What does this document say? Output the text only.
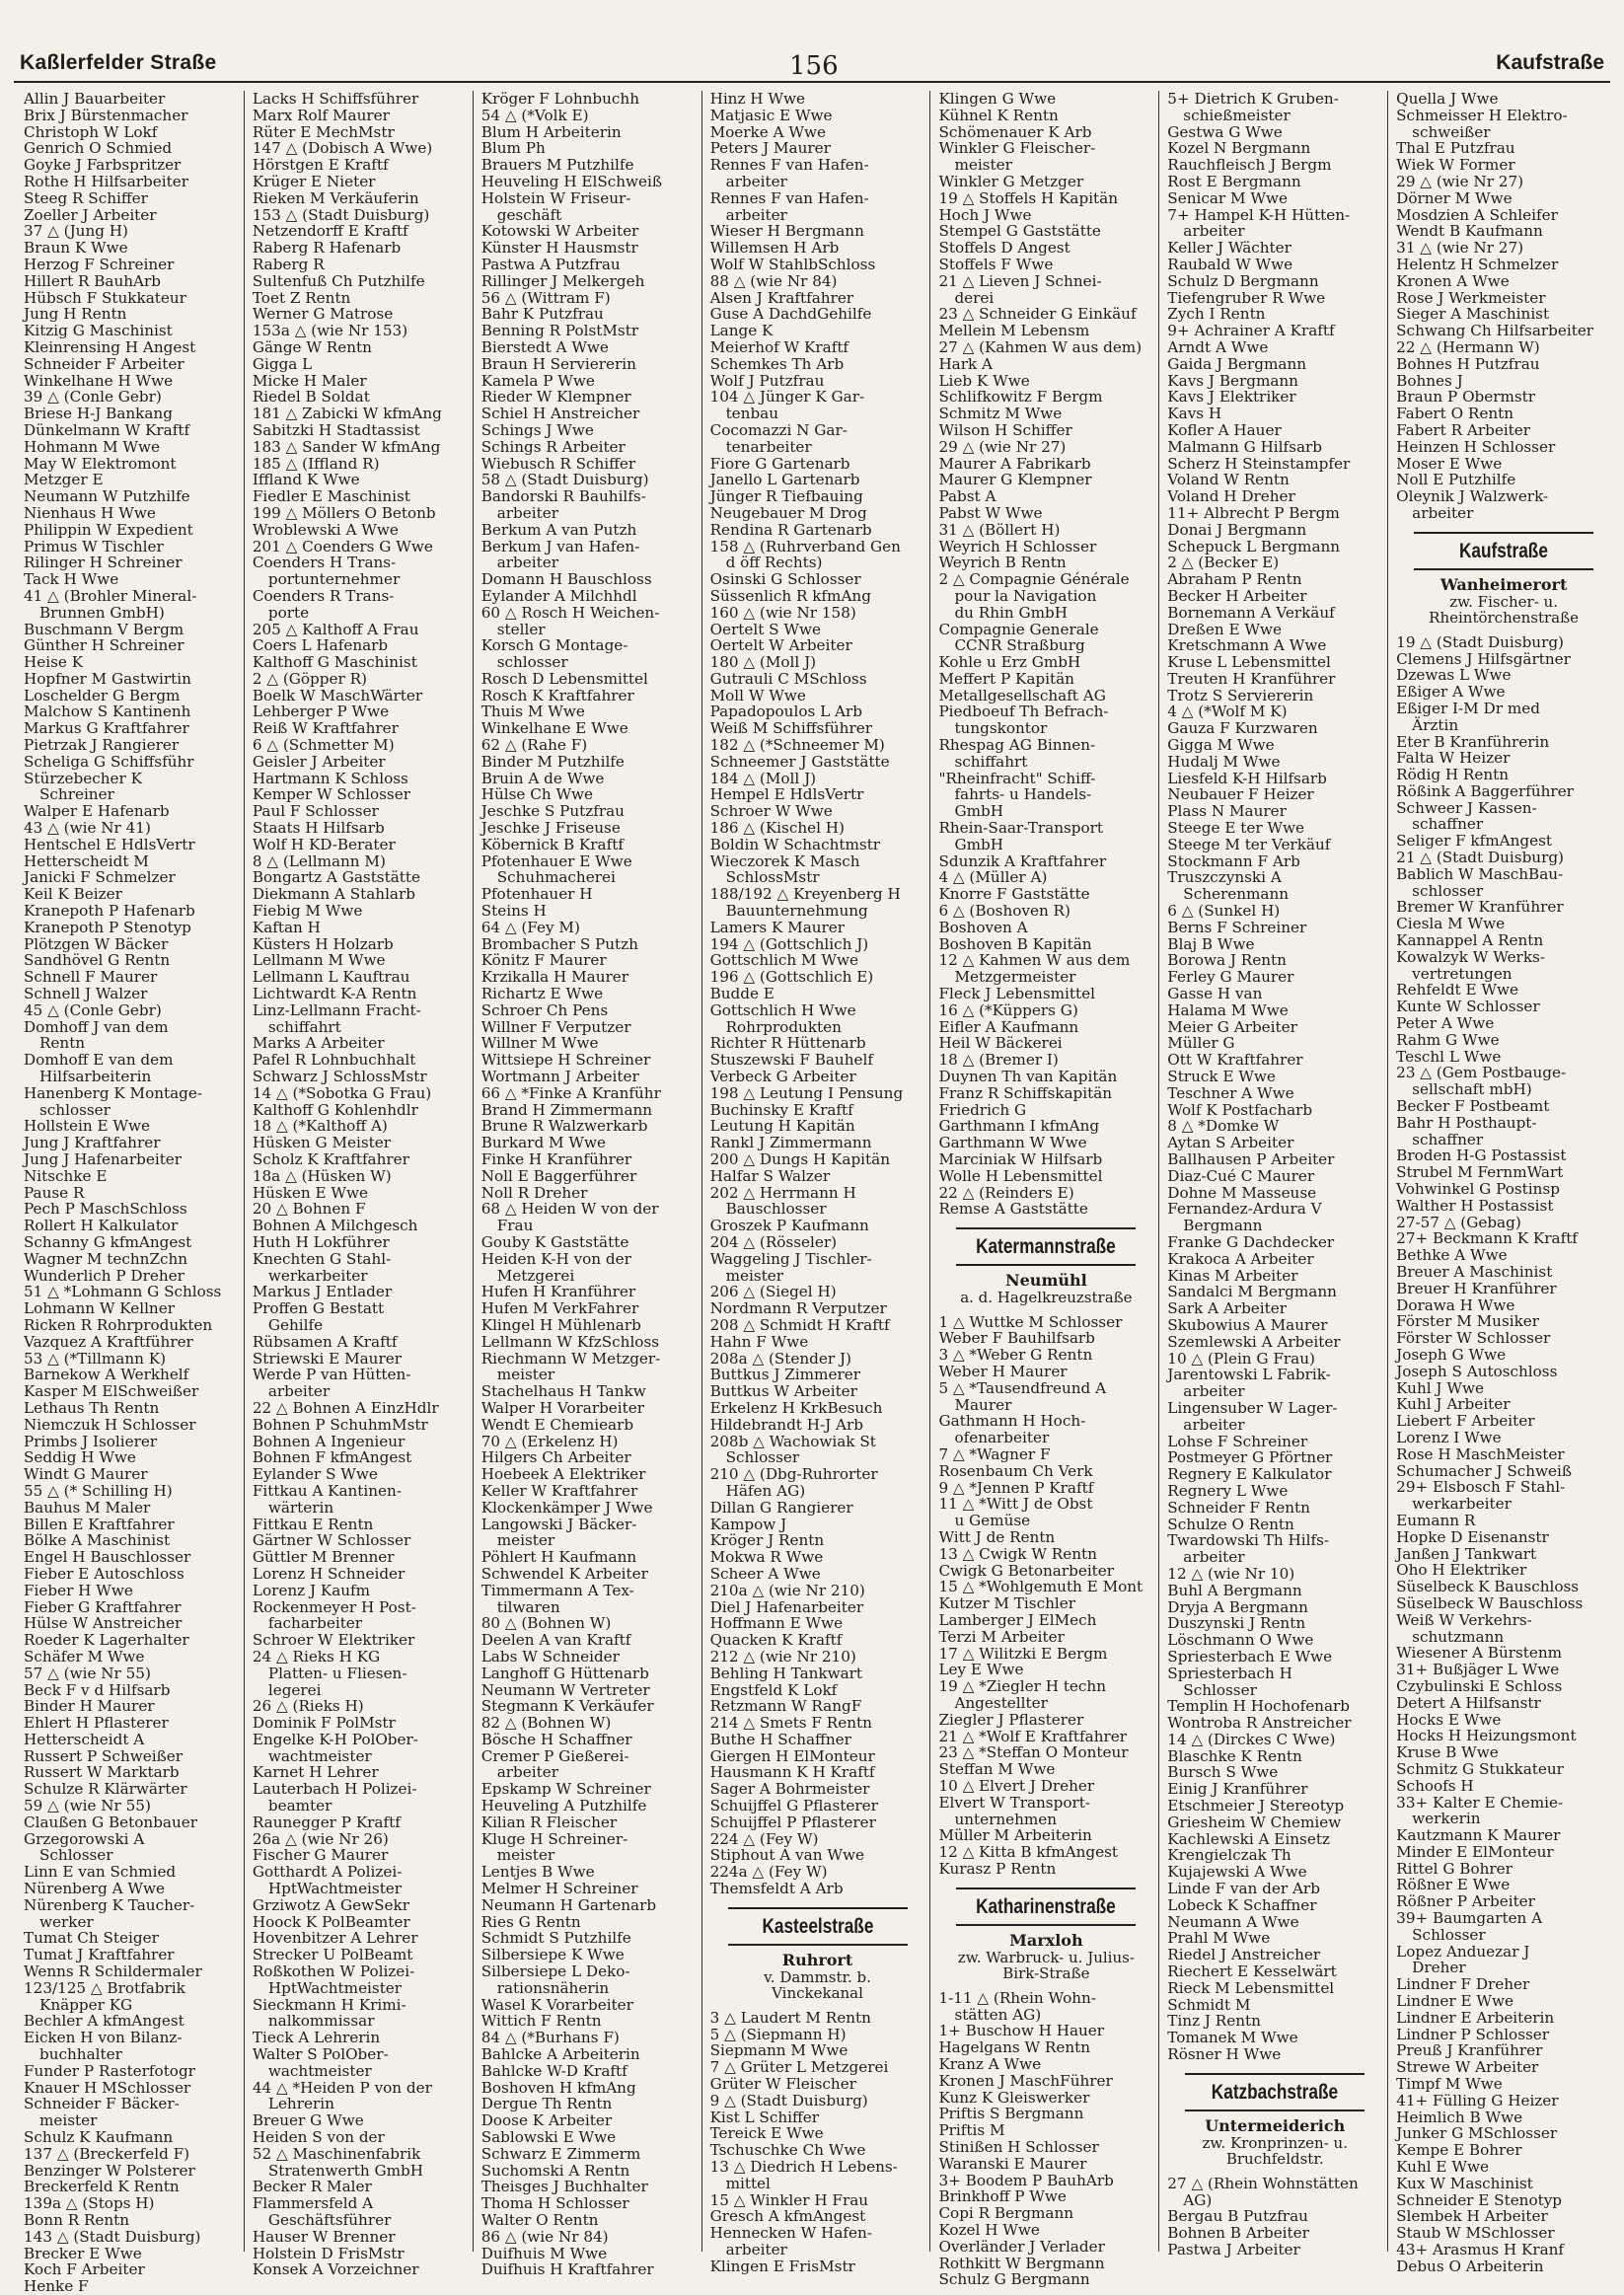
Kaßlerfelder Straße	156	Kaufstraße
Allin J Bauarbeiter
Brix J Bürstenmacher
Christoph W Lokf
Genrich O Schmied
Goyke J Farbspritzer
Rothe H Hilfsarbeiter
Steeg R Schiffer
Zoeller J Arbeiter
37 △ (Jung H)
Braun K Wwe
Herzog F Schreiner
Hillert R BauhArb
Hübsch F Stukkateur
Jung H Rentn
Kitzig G Maschinist
Kleinrensing H Angest
Schneider F Arbeiter
Winkelhane H Wwe
39 △ (Conle Gebr)
Briese H-J Bankang
Dünkelmann W Kraftf
Hohmann M Wwe
May W Elektromont
Metzger E
Neumann W Putzhilfe
Nienhaus H Wwe
Philippin W Expedient
Primus W Tischler
Rilinger H Schreiner
Tack H Wwe
41 △ (Brohler Mineral-
Brunnen GmbH)
Buschmann V Bergm
Günther H Schreiner
Heise K
Hopfner M Gastwirtin
Loschelder G Bergm
Malchow S Kantinenh
Markus G Kraftfahrer
Pietrzak J Rangierer
Scheliga G Schiffsführ
Stürzebecher K
Schreiner
Walper E Hafenarb
43 △ (wie Nr 41)
Hentschel E HdlsVertr
Hetterscheidt M
Janicki F Schmelzer
Keil K Beizer
Kranepoth P Hafenarb
Kranepoth P Stenotyp
Plötzgen W Bäcker
Sandhövel G Rentn
Schnell F Maurer
Schnell J Walzer
45 △ (Conle Gebr)
Domhoff J van dem
Rentn
Domhoff E van dem
Hilfsarbeiterin
Hanenberg K Montage-
schlosser
Hollstein E Wwe
Jung J Kraftfahrer
Jung J Hafenarbeiter
Nitschke E
Pause R
Pech P MaschSchloss
Rollert H Kalkulator
Schanny G kfmAngest
Wagner M technZchn
Wunderlich P Dreher
51 △ *Lohmann G Schloss
Lohmann W Kellner
Ricken R Rohrprodukten
Vazquez A Kraftführer
53 △ (*Tillmann K)
Barnekow A Werkhelf
Kasper M ElSchweißer
Lethaus Th Rentn
Niemczuk H Schlosser
Primbs J Isolierer
Seddig H Wwe
Windt G Maurer
55 △ (* Schilling H)
Bauhus M Maler
Billen E Kraftfahrer
Bölke A Maschinist
Engel H Bauschlosser
Fieber E Autoschloss
Fieber H Wwe
Fieber G Kraftfahrer
Hülse W Anstreicher
Roeder K Lagerhalter
Schäfer M Wwe
57 △ (wie Nr 55)
Beck F v d Hilfsarb
Binder H Maurer
Ehlert H Pflasterer
Hetterscheidt A
Russert P Schweißer
Russert W Marktarb
Schulze R Klärwärter
59 △ (wie Nr 55)
Claußen G Betonbauer
Grzegorowski A
Schlosser
Linn E van Schmied
Nürenberg A Wwe
Nürenberg K Taucher-
werker
Tumat Ch Steiger
Tumat J Kraftfahrer
Wenns R Schildermaler
123/125 △ Brotfabrik
Knäpper KG
Bechler A kfmAngest
Eicken H von Bilanz-
buchhalter
Funder P Rasterfotogr
Knauer H MSchlosser
Schneider F Bäcker-
meister
Schulz K Kaufmann
137 △ (Breckerfeld F)
Benzinger W Polsterer
Breckerfeld K Rentn
139a △ (Stops H)
Bonn R Rentn
143 △ (Stadt Duisburg)
Brecker E Wwe
Koch F Arbeiter
Henke F
Lacks H Schiffsführer
Marx Rolf Maurer
Rüter E MechMstr
147 △ (Dobisch A Wwe)
Hörstgen E Kraftf
Krüger E Nieter
Rieken M Verkäuferin
153 △ (Stadt Duisburg)
Netzendorff E Kraftf
Raberg R Hafenarb
Raberg R
Sultenfuß Ch Putzhilfe
Toet Z Rentn
Werner G Matrose
153a △ (wie Nr 153)
Gänge W Rentn
Gigga L
Micke H Maler
Riedel B Soldat
181 △ Zabicki W kfmAng
Sabitzki H Stadtassist
183 △ Sander W kfmAng
185 △ (Iffland R)
Iffland K Wwe
Fiedler E Maschinist
199 △ Möllers O Betonb
Wroblewski A Wwe
201 △ Coenders G Wwe
Coenders H Trans-
portunternehmer
Coenders R Trans-
porte
205 △ Kalthoff A Frau
Coers L Hafenarb
Kalthoff G Maschinist
2 △ (Göpper R)
Boelk W MaschWärter
Lehberger P Wwe
Reiß W Kraftfahrer
6 △ (Schmetter M)
Geisler J Arbeiter
Hartmann K Schloss
Kemper W Schlosser
Paul F Schlosser
Staats H Hilfsarb
Wolf H KD-Berater
8 △ (Lellmann M)
Bongartz A Gaststätte
Diekmann A Stahlarb
Fiebig M Wwe
Kaftan H
Küsters H Holzarb
Lellmann M Wwe
Lellmann L Kauftrau
Lichtwardt K-A Rentn
Linz-Lellmann Fracht-
schiffahrt
Marks A Arbeiter
Pafel R Lohnbuchhalt
Schwarz J SchlossMstr
14 △ (*Sobotka G Frau)
Kalthoff G Kohlenhdlr
18 △ (*Kalthoff A)
Hüsken G Meister
Scholz K Kraftfahrer
18a △ (Hüsken W)
Hüsken E Wwe
20 △ Bohnen F
Bohnen A Milchgesch
Huth H Lokführer
Knechten G Stahl-
werkarbeiter
Markus J Entlader
Proffen G Bestatt
Gehilfe
Rübsamen A Kraftf
Striewski E Maurer
Werde P van Hütten-
arbeiter
22 △ Bohnen A EinzHdlr
Bohnen P SchuhmMstr
Bohnen A Ingenieur
Bohnen F kfmAngest
Eylander S Wwe
Fittkau A Kantinen-
wärterin
Fittkau E Rentn
Gärtner W Schlosser
Güttler M Brenner
Lorenz H Schneider
Lorenz J Kaufm
Rockenmeyer H Post-
facharbeiter
Schroer W Elektriker
24 △ Rieks H KG
Platten- u Fliesen-
legerei
26 △ (Rieks H)
Dominik F PolMstr
Engelke K-H PolOber-
wachtmeister
Karnet H Lehrer
Lauterbach H Polizei-
beamter
Raunegger P Kraftf
26a △ (wie Nr 26)
Fischer G Maurer
Gotthardt A Polizei-
HptWachtmeister
Grziwotz A GewSekr
Hoock K PolBeamter
Hovenbitzer A Lehrer
Strecker U PolBeamt
Roßkothen W Polizei-
HptWachtmeister
Sieckmann H Krimi-
nalkommissar
Tieck A Lehrerin
Walter S PolOber-
wachtmeister
44 △ *Heiden P von der
Lehrerin
Breuer G Wwe
Heiden S von der
52 △ Maschinenfabrik
Stratenwerth GmbH
Becker R Maler
Flammersfeld A
Geschäftsführer
Hauser W Brenner
Holstein D FrisMstr
Konsek A Vorzeichner
Kröger F Lohnbuchh
54 △ (*Volk E)
Blum H Arbeiterin
Blum Ph
Brauers M Putzhilfe
Heuveling H ElSchweiß
Holstein W Friseur-
geschäft
Kotowski W Arbeiter
Künster H Hausmstr
Pastwa A Putzfrau
Rillinger J Melkergeh
56 △ (Wittram F)
Bahr K Putzfrau
Benning R PolstMstr
Bierstedt A Wwe
Braun H Serviererin
Kamela P Wwe
Rieder W Klempner
Schiel H Anstreicher
Schings J Wwe
Schings R Arbeiter
Wiebusch R Schiffer
58 △ (Stadt Duisburg)
Bandorski R Bauhilfs-
arbeiter
Berkum A van Putzh
Berkum J van Hafen-
arbeiter
Domann H Bauschloss
Eylander A Milchhdl
60 △ Rosch H Weichen-
steller
Korsch G Montage-
schlosser
Rosch D Lebensmittel
Rosch K Kraftfahrer
Thuis M Wwe
Winkelhane E Wwe
62 △ (Rahe F)
Binder M Putzhilfe
Bruin A de Wwe
Hülse Ch Wwe
Jeschke S Putzfrau
Jeschke J Friseuse
Köbernick B Kraftf
Pfotenhauer E Wwe
Schuhmacherei
Pfotenhauer H
Steins H
64 △ (Fey M)
Brombacher S Putzh
Könitz F Maurer
Krzikalla H Maurer
Richartz E Wwe
Schroer Ch Pens
Willner F Verputzer
Willner M Wwe
Wittsiepe H Schreiner
Wortmann J Arbeiter
66 △ *Finke A Kranführ
Brand H Zimmermann
Brune R Walzwerkarb
Burkard M Wwe
Finke H Kranführer
Noll E Baggerführer
Noll R Dreher
68 △ Heiden W von der
Frau
Gouby K Gaststätte
Heiden K-H von der
Metzgerei
Hufen H Kranführer
Hufen M VerkFahrer
Klingel H Mühlenarb
Lellmann W KfzSchloss
Riechmann W Metzger-
meister
Stachelhaus H Tankw
Walper H Vorarbeiter
Wendt E Chemiearb
70 △ (Erkelenz H)
Hilgers Ch Arbeiter
Hoebeek A Elektriker
Keller W Kraftfahrer
Klockenkämper J Wwe
Langowski J Bäcker-
meister
Pöhlert H Kaufmann
Schwendel K Arbeiter
Timmermann A Tex-
tilwaren
80 △ (Bohnen W)
Deelen A van Kraftf
Labs W Schneider
Langhoff G Hüttenarb
Neumann W Vertreter
Stegmann K Verkäufer
82 △ (Bohnen W)
Bösche H Schaffner
Cremer P Gießerei-
arbeiter
Epskamp W Schreiner
Heuveling A Putzhilfe
Kilian R Fleischer
Kluge H Schreiner-
meister
Lentjes B Wwe
Melmer H Schreiner
Neumann H Gartenarb
Ries G Rentn
Schmidt S Putzhilfe
Silbersiepe K Wwe
Silbersiepe L Deko-
rationsnäherin
Wasel K Vorarbeiter
Wittich F Rentn
84 △ (*Burhans F)
Bahlcke A Arbeiterin
Bahlcke W-D Kraftf
Boshoven H kfmAng
Dergue Th Rentn
Doose K Arbeiter
Sablowski E Wwe
Schwarz E Zimmerm
Suchomski A Rentn
Theisges J Buchhalter
Thoma H Schlosser
Walter O Rentn
86 △ (wie Nr 84)
Duifhuis M Wwe
Duifhuis H Kraftfahrer
Hinz H Wwe
Matjasic E Wwe
Moerke A Wwe
Peters J Maurer
Rennes F van Hafen-
arbeiter
Rennes F van Hafen-
arbeiter
Wieser H Bergmann
Willemsen H Arb
Wolf W StahlbSchloss
88 △ (wie Nr 84)
Alsen J Kraftfahrer
Guse A DachdGehilfe
Lange K
Meierhof W Kraftf
Schemkes Th Arb
Wolf J Putzfrau
104 △ Jünger K Gar-
tenbau
Cocomazzi N Gar-
tenarbeiter
Fiore G Gartenarb
Janello L Gartenarb
Jünger R Tiefbauing
Neugebauer M Drog
Rendina R Gartenarb
158 △ (Ruhrverband Gen
d öff Rechts)
Osinski G Schlosser
Süssenlich R kfmAng
160 △ (wie Nr 158)
Oertelt S Wwe
Oertelt W Arbeiter
180 △ (Moll J)
Gutrauli C MSchloss
Moll W Wwe
Papadopoulos L Arb
Weiß M Schiffsführer
182 △ (*Schneemer M)
Schneemer J Gaststätte
184 △ (Moll J)
Hempel E HdlsVertr
Schroer W Wwe
186 △ (Kischel H)
Boldin W Schachtmstr
Wieczorek K Masch
SchlossMstr
188/192 △ Kreyenberg H
Bauunternehmung
Lamers K Maurer
194 △ (Gottschlich J)
Gottschlich M Wwe
196 △ (Gottschlich E)
Budde E
Gottschlich H Wwe
Rohrprodukten
Richter R Hüttenarb
Stuszewski F Bauhelf
Verbeck G Arbeiter
198 △ Leutung I Pensung
Buchinsky E Kraftf
Leutung H Kapitän
Rankl J Zimmermann
200 △ Dungs H Kapitän
Halfar S Walzer
202 △ Herrmann H
Bauschlosser
Groszek P Kaufmann
204 △ (Rösseler)
Waggeling J Tischler-
meister
206 △ (Siegel H)
Nordmann R Verputzer
208 △ Schmidt H Kraftf
Hahn F Wwe
208a △ (Stender J)
Buttkus J Zimmerer
Buttkus W Arbeiter
Erkelenz H KrkBesuch
Hildebrandt H-J Arb
208b △ Wachowiak St
Schlosser
210 △ (Dbg-Ruhrorter
Häfen AG)
Dillan G Rangierer
Kampow J
Kröger J Rentn
Mokwa R Wwe
Scheer A Wwe
210a △ (wie Nr 210)
Diel J Hafenarbeiter
Hoffmann E Wwe
Quacken K Kraftf
212 △ (wie Nr 210)
Behling H Tankwart
Engstfeld K Lokf
Retzmann W RangF
214 △ Smets F Rentn
Buthe H Schaffner
Giergen H ElMonteur
Hausmann K H Kraftf
Sager A Bohrmeister
Schuijffel G Pflasterer
Schuijffel P Pflasterer
224 △ (Fey W)
Stiphout A van Wwe
224a △ (Fey W)
Themsfeldt A Arb
Kasteelstraße
Ruhrort
v. Dammstr. b.
Vinckekanal
3 △ Laudert M Rentn
5 △ (Siepmann H)
Siepmann M Wwe
7 △ Grüter L Metzgerei
Grüter W Fleischer
9 △ (Stadt Duisburg)
Kist L Schiffer
Tereick E Wwe
Tschuschke Ch Wwe
13 △ Diedrich H Lebens-
mittel
15 △ Winkler H Frau
Gresch A kfmAngest
Hennecken W Hafen-
arbeiter
Klingen E FrisMstr
Klingen G Wwe
Kühnel K Rentn
Schömenauer K Arb
Winkler G Fleischer-
meister
Winkler G Metzger
19 △ Stoffels H Kapitän
Hoch J Wwe
Stempel G Gaststätte
Stoffels D Angest
Stoffels F Wwe
21 △ Lieven J Schnei-
derei
23 △ Schneider G Einkäuf
Mellein M Lebensm
27 △ (Kahmen W aus dem)
Hark A
Lieb K Wwe
Schlifkowitz F Bergm
Schmitz M Wwe
Wilson H Schiffer
29 △ (wie Nr 27)
Maurer A Fabrikarb
Maurer G Klempner
Pabst A
Pabst W Wwe
31 △ (Böllert H)
Weyrich H Schlosser
Weyrich B Rentn
2 △ Compagnie Générale
pour la Navigation
du Rhin GmbH
Compagnie Generale
CCNR Straßburg
Kohle u Erz GmbH
Meffert P Kapitän
Metallgesellschaft AG
Piedboeuf Th Befrach-
tungskontor
Rhespag AG Binnen-
schiffahrt
"Rheinfracht" Schiff-
fahrts- u Handels-
GmbH
Rhein-Saar-Transport
GmbH
Sdunzik A Kraftfahrer
4 △ (Müller A)
Knorre F Gaststätte
6 △ (Boshoven R)
Boshoven A
Boshoven B Kapitän
12 △ Kahmen W aus dem
Metzgermeister
Fleck J Lebensmittel
16 △ (*Küppers G)
Eifler A Kaufmann
Heil W Bäckerei
18 △ (Bremer I)
Duynen Th van Kapitän
Franz R Schiffskapitän
Friedrich G
Garthmann I kfmAng
Garthmann W Wwe
Marciniak W Hilfsarb
Wolle H Lebensmittel
22 △ (Reinders E)
Remse A Gaststätte
Katermannstraße
Neumühl
a. d. Hagelkreuzstraße
1 △ Wuttke M Schlosser
Weber F Bauhilfsarb
3 △ *Weber G Rentn
Weber H Maurer
5 △ *Tausendfreund A
Maurer
Gathmann H Hoch-
ofenarbeiter
7 △ *Wagner F
Rosenbaum Ch Verk
9 △ *Jennen P Kraftf
11 △ *Witt J de Obst
u Gemüse
Witt J de Rentn
13 △ Cwigk W Rentn
Cwigk G Betonarbeiter
15 △ *Wohlgemuth E Mont
Kutzer M Tischler
Lamberger J ElMech
Terzi M Arbeiter
17 △ Wilitzki E Bergm
Ley E Wwe
19 △ *Ziegler H techn
Angestellter
Ziegler J Pflasterer
21 △ *Wolf E Kraftfahrer
23 △ *Steffan O Monteur
Steffan M Wwe
10 △ Elvert J Dreher
Elvert W Transport-
unternehmen
Müller M Arbeiterin
12 △ Kitta B kfmAngest
Kurasz P Rentn
Katharinenstraße
Marxloh
zw. Warbruck- u. Julius-
Birk-Straße
1-11 △ (Rhein Wohn-
stätten AG)
1+ Buschow H Hauer
Hagelgans W Rentn
Kranz A Wwe
Kronen J MaschFührer
Kunz K Gleiswerker
Priftis S Bergmann
Priftis M
Stinißen H Schlosser
Waranski E Maurer
3+ Boodem P BauhArb
Brinkhoff P Wwe
Copi R Bergmann
Kozel H Wwe
Overländer J Verlader
Rothkitt W Bergmann
Schulz G Bergmann
5+ Dietrich K Gruben-
schießmeister
Gestwa G Wwe
Kozel N Bergmann
Rauchfleisch J Bergm
Rost E Bergmann
Senicar M Wwe
7+ Hampel K-H Hütten-
arbeiter
Keller J Wächter
Raubald W Wwe
Schulz D Bergmann
Tiefengruber R Wwe
Zych I Rentn
9+ Achrainer A Kraftf
Arndt A Wwe
Gaida J Bergmann
Kavs J Bergmann
Kavs J Elektriker
Kavs H
Kofler A Hauer
Malmann G Hilfsarb
Scherz H Steinstampfer
Voland W Rentn
Voland H Dreher
11+ Albrecht P Bergm
Donai J Bergmann
Schepuck L Bergmann
2 △ (Becker E)
Abraham P Rentn
Becker H Arbeiter
Bornemann A Verkäuf
Dreßen E Wwe
Kretschmann A Wwe
Kruse L Lebensmittel
Treuten H Kranführer
Trotz S Serviererin
4 △ (*Wolf M K)
Gauza F Kurzwaren
Gigga M Wwe
Hudalj M Wwe
Liesfeld K-H Hilfsarb
Neubauer F Heizer
Plass N Maurer
Steege E ter Wwe
Steege M ter Verkäuf
Stockmann F Arb
Truszczynski A
Scherenmann
6 △ (Sunkel H)
Berns F Schreiner
Blaj B Wwe
Borowa J Rentn
Ferley G Maurer
Gasse H van
Halama M Wwe
Meier G Arbeiter
Müller G
Ott W Kraftfahrer
Struck E Wwe
Teschner A Wwe
Wolf K Postfacharb
8 △ *Domke W
Aytan S Arbeiter
Ballhausen P Arbeiter
Diaz-Cué C Maurer
Dohne M Masseuse
Fernandez-Ardura V
Bergmann
Franke G Dachdecker
Krakoca A Arbeiter
Kinas M Arbeiter
Sandalci M Bergmann
Sark A Arbeiter
Skubowius A Maurer
Szemlewski A Arbeiter
10 △ (Plein G Frau)
Jarentowski L Fabrik-
arbeiter
Lingensuber W Lager-
arbeiter
Lohse F Schreiner
Postmeyer G Pförtner
Regnery E Kalkulator
Regnery L Wwe
Schneider F Rentn
Schulze O Rentn
Twardowski Th Hilfs-
arbeiter
12 △ (wie Nr 10)
Buhl A Bergmann
Dryja A Bergmann
Duszynski J Rentn
Löschmann O Wwe
Spriesterbach E Wwe
Spriesterbach H
Schlosser
Templin H Hochofenarb
Wontroba R Anstreicher
14 △ (Dirckes C Wwe)
Blaschke K Rentn
Bursch S Wwe
Einig J Kranführer
Etschmeier J Stereotyp
Griesheim W Chemiew
Kachlewski A Einsetz
Krengielczak Th
Kujajewski A Wwe
Linde F van der Arb
Lobeck K Schaffner
Neumann A Wwe
Prahl M Wwe
Riedel J Anstreicher
Riechert E Kesselwärt
Rieck M Lebensmittel
Schmidt M
Tinz J Rentn
Tomanek M Wwe
Rösner H Wwe
Katzbachstraße
Untermeiderich
zw. Kronprinzen- u.
Bruchfeldstr.
27 △ (Rhein Wohnstätten
AG)
Bergau B Putzfrau
Bohnen B Arbeiter
Pastwa J Arbeiter
Quella J Wwe
Schmeisser H Elektro-
schweißer
Thal E Putzfrau
Wiek W Former
29 △ (wie Nr 27)
Dörner M Wwe
Mosdzien A Schleifer
Wendt B Kaufmann
31 △ (wie Nr 27)
Helentz H Schmelzer
Kronen A Wwe
Rose J Werkmeister
Sieger A Maschinist
Schwang Ch Hilfsarbeiter
22 △ (Hermann W)
Bohnes H Putzfrau
Bohnes J
Braun P Obermstr
Fabert O Rentn
Fabert R Arbeiter
Heinzen H Schlosser
Moser E Wwe
Noll E Putzhilfe
Oleynik J Walzwerk-
arbeiter
Kaufstraße
Wanheimerort
zw. Fischer- u.
Rheintörchenstraße
19 △ (Stadt Duisburg)
Clemens J Hilfsgärtner
Dzewas L Wwe
Eßiger A Wwe
Eßiger I-M Dr med
Ärztin
Eter B Kranführerin
Falta W Heizer
Rödig H Rentn
Rößink A Baggerführer
Schweer J Kassen-
schaffner
Seliger F kfmAngest
21 △ (Stadt Duisburg)
Bablich W MaschBau-
schlosser
Bremer W Kranführer
Ciesla M Wwe
Kannappel A Rentn
Kowalzyk W Werks-
vertretungen
Rehfeldt E Wwe
Kunte W Schlosser
Peter A Wwe
Rahm G Wwe
Teschl L Wwe
23 △ (Gem Postbauge-
sellschaft mbH)
Becker F Postbeamt
Bahr H Posthaupt-
schaffner
Broden H-G Postassist
Strubel M FernmWart
Vohwinkel G Postinsp
Walther H Postassist
27-57 △ (Gebag)
27+ Beckmann K Kraftf
Bethke A Wwe
Breuer A Maschinist
Breuer H Kranführer
Dorawa H Wwe
Förster M Musiker
Förster W Schlosser
Joseph G Wwe
Joseph S Autoschloss
Kuhl J Wwe
Kuhl J Arbeiter
Liebert F Arbeiter
Lorenz I Wwe
Rose H MaschMeister
Schumacher J Schweiß
29+ Elsbosch F Stahl-
werkarbeiter
Eumann R
Hopke D Eisenanstr
Janßen J Tankwart
Oho H Elektriker
Süselbeck K Bauschloss
Süselbeck W Bauschloss
Weiß W Verkehrs-
schutzmann
Wiesener A Bürstenm
31+ Bußjäger L Wwe
Czybulinski E Schloss
Detert A Hilfsanstr
Hocks E Wwe
Hocks H Heizungsmont
Kruse B Wwe
Schmitz G Stukkateur
Schoofs H
33+ Kalter E Chemie-
werkerin
Kautzmann K Maurer
Minder E ElMonteur
Rittel G Bohrer
Rößner E Wwe
Rößner P Arbeiter
39+ Baumgarten A
Schlosser
Lopez Anduezar J
Dreher
Lindner F Dreher
Lindner E Wwe
Lindner E Arbeiterin
Lindner P Schlosser
Preuß J Kranführer
Strewe W Arbeiter
Timpf M Wwe
41+ Fülling G Heizer
Heimlich B Wwe
Junker G MSchlosser
Kempe E Bohrer
Kuhl E Wwe
Kux W Maschinist
Schneider E Stenotyp
Slembek H Arbeiter
Staub W MSchlosser
43+ Arasmus H Kranf
Debus O Arbeiterin
